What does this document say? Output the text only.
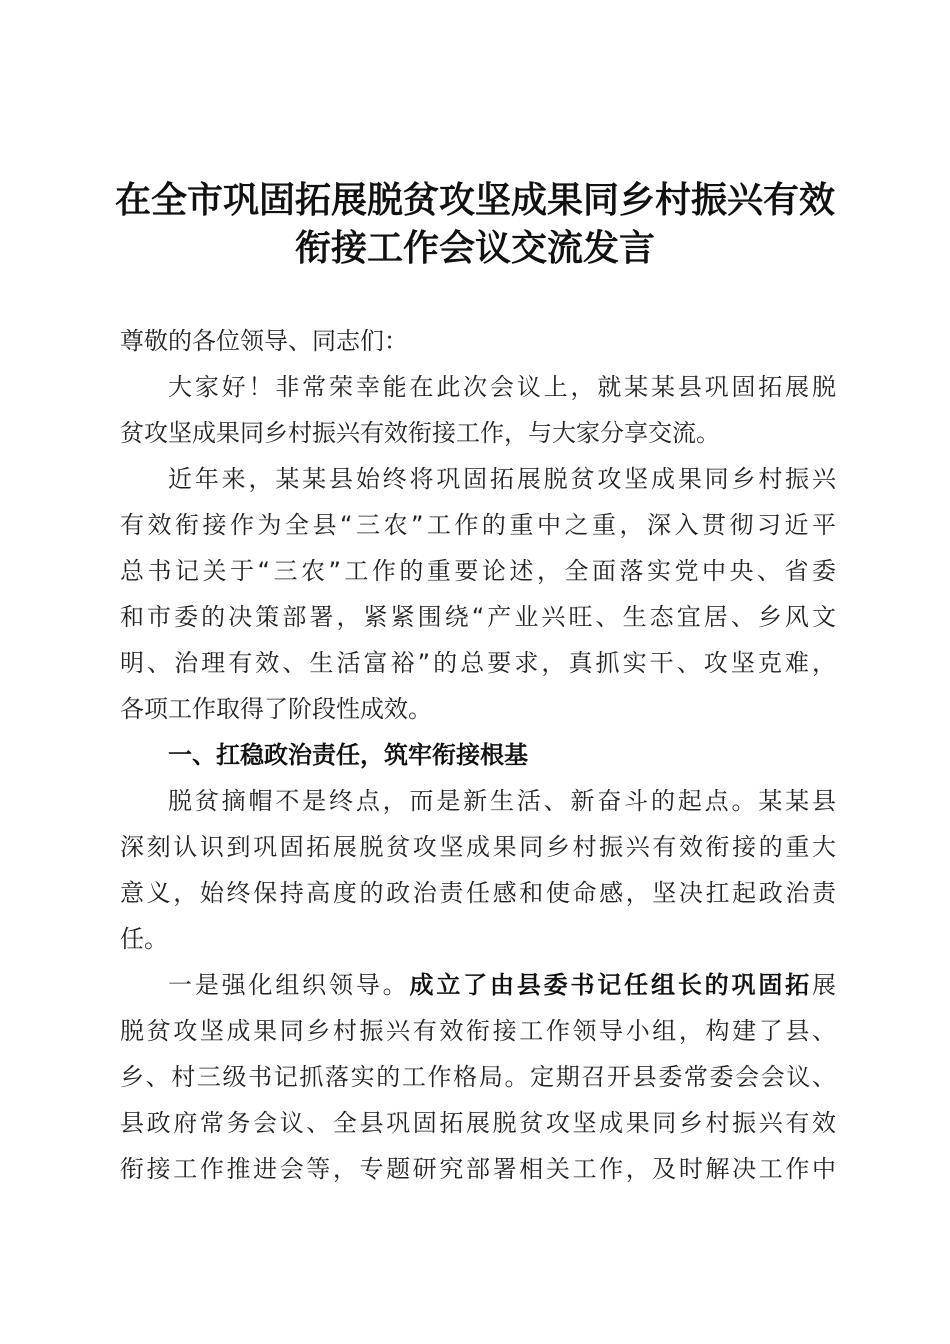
在全市巩固拓展脱贫攻坚成果同乡村振兴有效
衔接工作会议交流发言
尊敬的各位领导、同志们：
大家好！非常荣幸能在此次会议上，就某某县巩固拓展脱
贫攻坚成果同乡村振兴有效衔接工作，与大家分享交流。
近年来，某某县始终将巩固拓展脱贫攻坚成果同乡村振兴
有效衔接作为全县“三农”工作的重中之重，深入贯彻习近平
总书记关于“三农”工作的重要论述，全面落实党中央、省委
和市委的决策部署，紧紧围绕“产业兴旺、生态宜居、乡风文
明、治理有效、生活富裕”的总要求，真抓实干、攻坚克难，
各项工作取得了阶段性成效。
一、扛稳政治责任，筑牢衔接根基
脱贫摘帽不是终点，而是新生活、新奋斗的起点。某某县
深刻认识到巩固拓展脱贫攻坚成果同乡村振兴有效衔接的重大
意义，始终保持高度的政治责任感和使命感，坚决扛起政治责
任。
一是强化组织领导。成立了由县委书记任组长的巩固拓展
脱贫攻坚成果同乡村振兴有效衔接工作领导小组，构建了县、
乡、村三级书记抓落实的工作格局。定期召开县委常委会会议、
县政府常务会议、全县巩固拓展脱贫攻坚成果同乡村振兴有效
衔接工作推进会等，专题研究部署相关工作，及时解决工作中
